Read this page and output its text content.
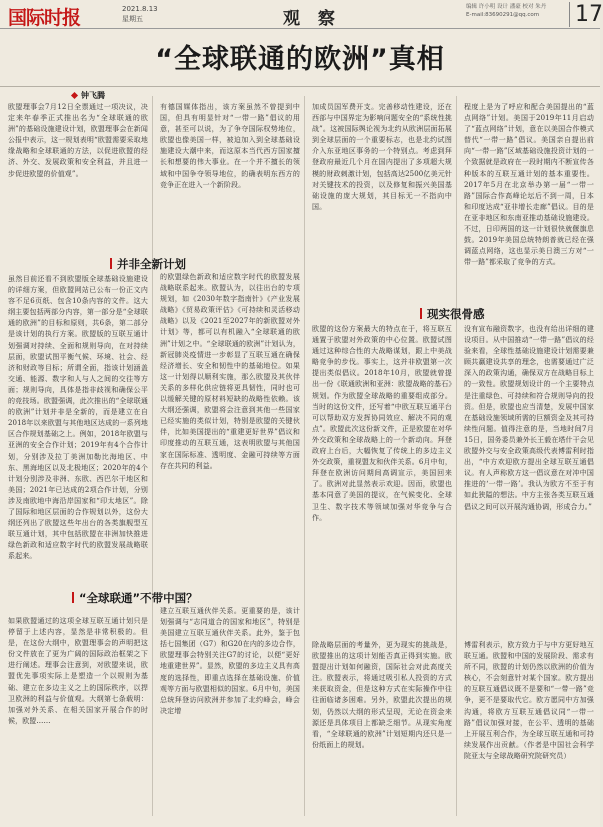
国际时报	2021.8.13
星期五	观 察
编辑 许小明 设计 潘豪 校对 朱丹
E-mail:83690291@qq.com	17
“全球联通的欧洲”真相
钟飞腾
欧盟理事会7月12日全票通过一项决议，决定来年春季正式推出名为“全球联通的欧洲”的基础设施建设计划，欧盟理事会在新闻公报中表示，这一规划表明“欧盟需要采取地缘战略和全球联通的方法，以促进欧盟的经济、外交、发展政策和安全利益，并且进一步促进欧盟的价值观”。
并非全新计划
虽然目前还看不到欧盟版全球基础设施建设的详细方案，但欧盟网站已公布一份正文内容不足6页纸、包含10条内容的文件。这大纲主要包括两部分内容，第一部分是“全球联通的欧洲”的目标和原则，共6条，第二部分是该计划的执行方案。欧盟版的互联互通计划强调对持续、全面和规则导向，在对持续层面，欧盟试图平衡气候、环境、社会、经济和财政等目标；所谓全面，指该计划涵盖交通、能源、数字和人与人之间的交往等方面；规则导向，具体是指非歧视和确保公平的竞技场。欧盟强调，此次推出的“全球联通的欧洲”计划并非是全新的，而是建立在自2018年以来欧盟与其他地区达成的一系列地区合作规划基础之上。例如，2018年欧盟与亚洲的安全合作计划；2019年有4个合作计划，分别涉及拉丁美洲加勒比海地区、中东、黑海地区以及北极地区；2020年的4个计划分别涉及非洲、东欧、西巴尔干地区和美国；2021年已达成的2项合作计划，分别涉及南欧地中海沿岸国家和“印太地区”。除了国际和地区层面的合作规划以外，这份大纲还列出了欧盟这些年出台的各类旗舰型互联互通计划，其中包括欧盟在非洲加快推进绿色新政和适应数字时代的欧盟发展战略联系起来。
如果欧盟通过的这项全球互联互通计划只是停留于上述内容，显然是非常积极的。但是，在这份大纲中，欧盟理事会的声明把这份文件放在了更为广阔的国际政治框架之下进行阐述。理事会注意到，对欧盟来说，欧盟优先事项实际上是塑造一个以规则为基础、建立在多边主义之上的国际秩序，以捍卫欧洲的利益与价值观。大纲第七条载明：加强对外关系、在相关国家开展合作的时候，欧盟……
有德国媒体指出，该方案虽然不曾提到中国，但具有明显针对“一带一路”倡议的用意，甚至可以说，为了争夺国际权势地位，欧盟也像美国一样，被迫加入到全球基础设施建设大潮中来，而这原本当代西方国家擅长和想要的伟大事业。在一个并不擅长的领域和中国争夺领导地位，的确表明东西方的竞争正在进入一个新阶段。
的欧盟绿色新政和适应数字时代的欧盟发展战略联系起来。欧盟认为，以往出台的专项规划，如《2030年数字指南针》《产业发展战略》《贸易政策评估》《可持续和灵活移动战略》以及《2021至2027年的新欧盟对外计划》等，都可以有机融入“全球联通的欧洲”计划之中。“全球联通的欧洲”计划认为，新冠肺炎疫情进一步彰显了互联互通在确保经济增长、安全和韧性中的基础地位。如果这一计划得以顺利实施，那么欧盟及其伙伴关系的多样化供应链将更具韧性，同时也可以缓解关键的原材料短缺的战略性依赖。该大纲还强调，欧盟将会注意到其他一些国家已经实施的类似计划，特别是欧盟的关键伙伴，比如美国提出的“重建更好世界”倡议和印度推动的互联互通，这表明欧盟与其他国家在国际标准、透明度、金融可持续等方面存在共同的利益。
“全球联通”不带中国？
建立互联互通伙伴关系。更重要的是，该计划强调与“志同道合的国家和地区”，特别是美国建立互联互通伙伴关系。此外，鉴于包括七国集团（G7）和G20在内的多边合作，欧盟理事会特别关注G7的讨论，以便“更好地重建世界”。显然，欧盟的多边主义具有高度的选择性，即重点选择在基础设施、价值观等方面与欧盟相似的国家。6月中旬，美国总统拜登访问欧洲并参加了北约峰会，峰会决定增
加成员国军费开支。完善移动性建设，还在西部与中国界定为影响问题安全的“系统性挑战”。这被国际舆论视为北约从欧洲层面拓展到全球层面的一个重要标志，也是北约试图介入东亚地区事务的一个特别点。考虑到拜登政府最近几个月在国内提出了多项超大规模的财政刺激计划，包括高达2500亿美元针对关键技术的投资，以及修复和振兴美国基础设施的庞大规划，其目标无一不指向中国。
现实很骨感
欧盟的这份方案最大的特点在于，将互联互通置于欧盟对外政策的中心位置。欧盟试图通过这种综合性的大战略谋划，跟上中美战略竞争的步伐。事实上，这并非欧盟第一次提出类似倡议。2018年10月，欧盟就曾提出一份《联通欧洲和亚洲：欧盟战略的基石》规划。作为欧盟全球战略的重要组成部分。当时的这份文件，还写着“中欧互联互通平台可以帮助双方发挥协同效应、解决不同的观点”。欧盟此次这份新文件，正是欧盟在对华外交政策和全球战略上的一个新动向。拜登政府上台后，大幅恢复了传统上的多边主义外交政策，重视盟友和伙伴关系。6月中旬，拜登在欧洲访问期间高调宣示，美国回来了。欧洲对此显然表示欢迎。因而，欧盟也基本同意了美国的提议，在气候变化、全球卫生、数字技术等领域加强对华竞争与合作。
除战略层面的考量外，更为现实的挑战是，欧盟推出的这项计划能否真正得到实施。欧盟提出计划如何融资，国际社会对此高度关注。欧盟表示，将通过吸引私人投资的方式来获取资金，但是这种方式在实际操作中往往面临诸多困难。另外，欧盟此次提出的规划，仍然以大纲的形式呈现，无论在资金来源还是具体项目上都缺乏细节。从现实角度看，“全球联通的欧洲”计划短期内还只是一份纸面上的规划。
程度上是为了呼应和配合美国提出的“蓝点网络”计划。美国于2019年11月启动了“蓝点网络”计划，意在以美国合作模式替代“一带一路”倡议。美国亲自提出前向“一带一路”区域基础设施投资计划的一个致据就是政府在一段时期内不断宣传各种版本的互联互通计划的基本重要性。2017年5月在北京举办第一届“一带一路”国际合作高峰论坛后不到一周，日本和印度达成“亚非增长走廊”倡议。目的是在亚非地区和东南亚推动基础设施建设。不过，日印两国的这一计划很快就偃旗息鼓。2019年美国总统特朗普就已经在强调蓝点网络，这也显示美日澳三方对“一带一路”都采取了竞争的方式。
没有宣布融资数字，也没有给出详细的建设项目。从中国推动“一带一路”倡议的经验来看，全球性基础设施建设计划需要兼顾共赢建设共享的理念，也需要通过广泛深入的政策沟通，确保双方在战略目标上的一致性。欧盟规划设计的一个主要特点是注重绿色、可持续和符合规则导向的投资。但是，欧盟也应当清楚，发展中国家在基础设施领域所需的巨额资金及其可持续性问题。值得注意的是，当地时间7月15日，国务委员兼外长王毅在塔什干会见欧盟外交与安全政策高级代表博雷利时指出，“中方欢迎欧方提出全球互联互通倡议。有人声称欧方这一倡议意在对冲中国推进的‘一带一路’。我认为欧方不至于有如此狭隘的想法。中方主张各类互联互通倡议之间可以开展沟通协调，形成合力。”
博雷利表示，欧方致力于与中方更好地互联互通。欧盟和中国的发展阶段、需求有所不同，欧盟的计划仍然以欧洲的价值为核心，不会刻意针对某个国家。欧方提出的互联互通倡议既不是要和“一带一路”竞争，更不是要取代它。欧方愿同中方加强沟通，将欧方互联互通倡议同“一带一路”倡议加强对接，在公平、透明的基础上开展互利合作，为全球互联互通和可持续发展作出贡献。（作者是中国社会科学院亚太与全球战略研究院研究员）
